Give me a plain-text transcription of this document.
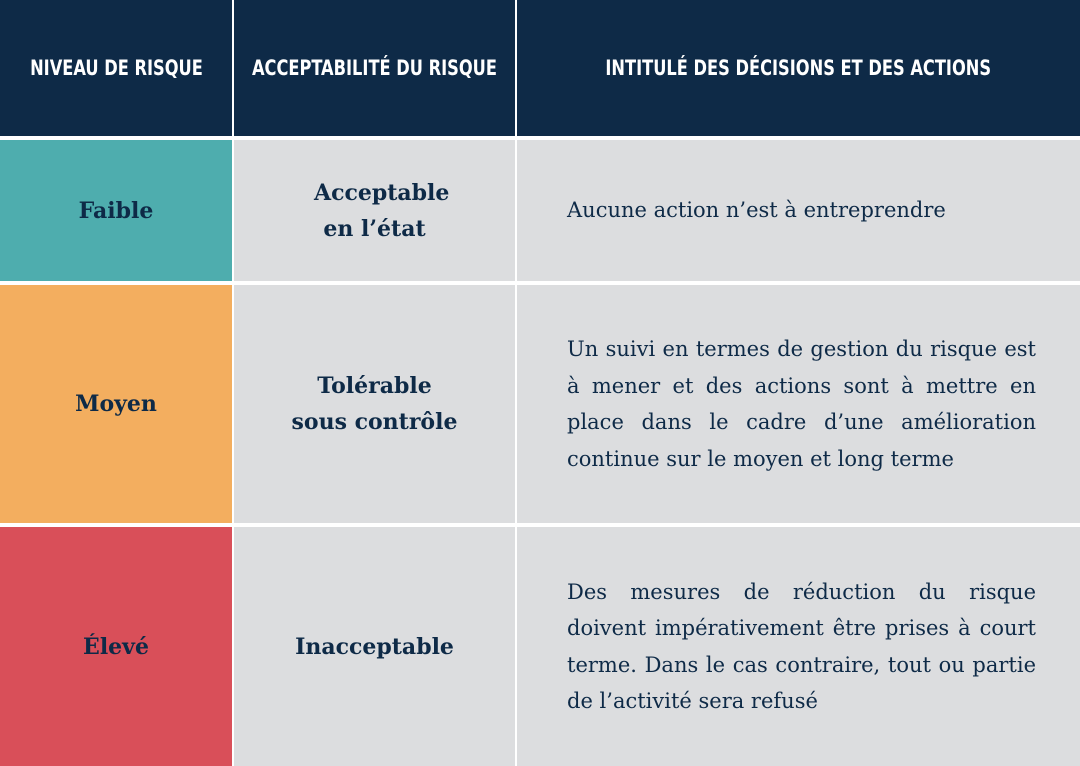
NIVEAU DE RISQUE ACCEPTABILITÉ DU RISQUE	INTITULÉ DES DÉCISIONS ET DES ACTIONS
Faible
Acceptable en l’état
Aucune action n’est à entreprendre
Moyen
Tolérable sous contrôle
Un suivi en termes de gestion du risque est à mener et des actions sont à mettre en place dans le cadre d’une amélioration continue sur le moyen et long terme
Élevé	Inacceptable
Des mesures de réduction du risque doivent impérativement être prises à court terme. Dans le cas contraire, tout ou partie de l’activité sera refusé
